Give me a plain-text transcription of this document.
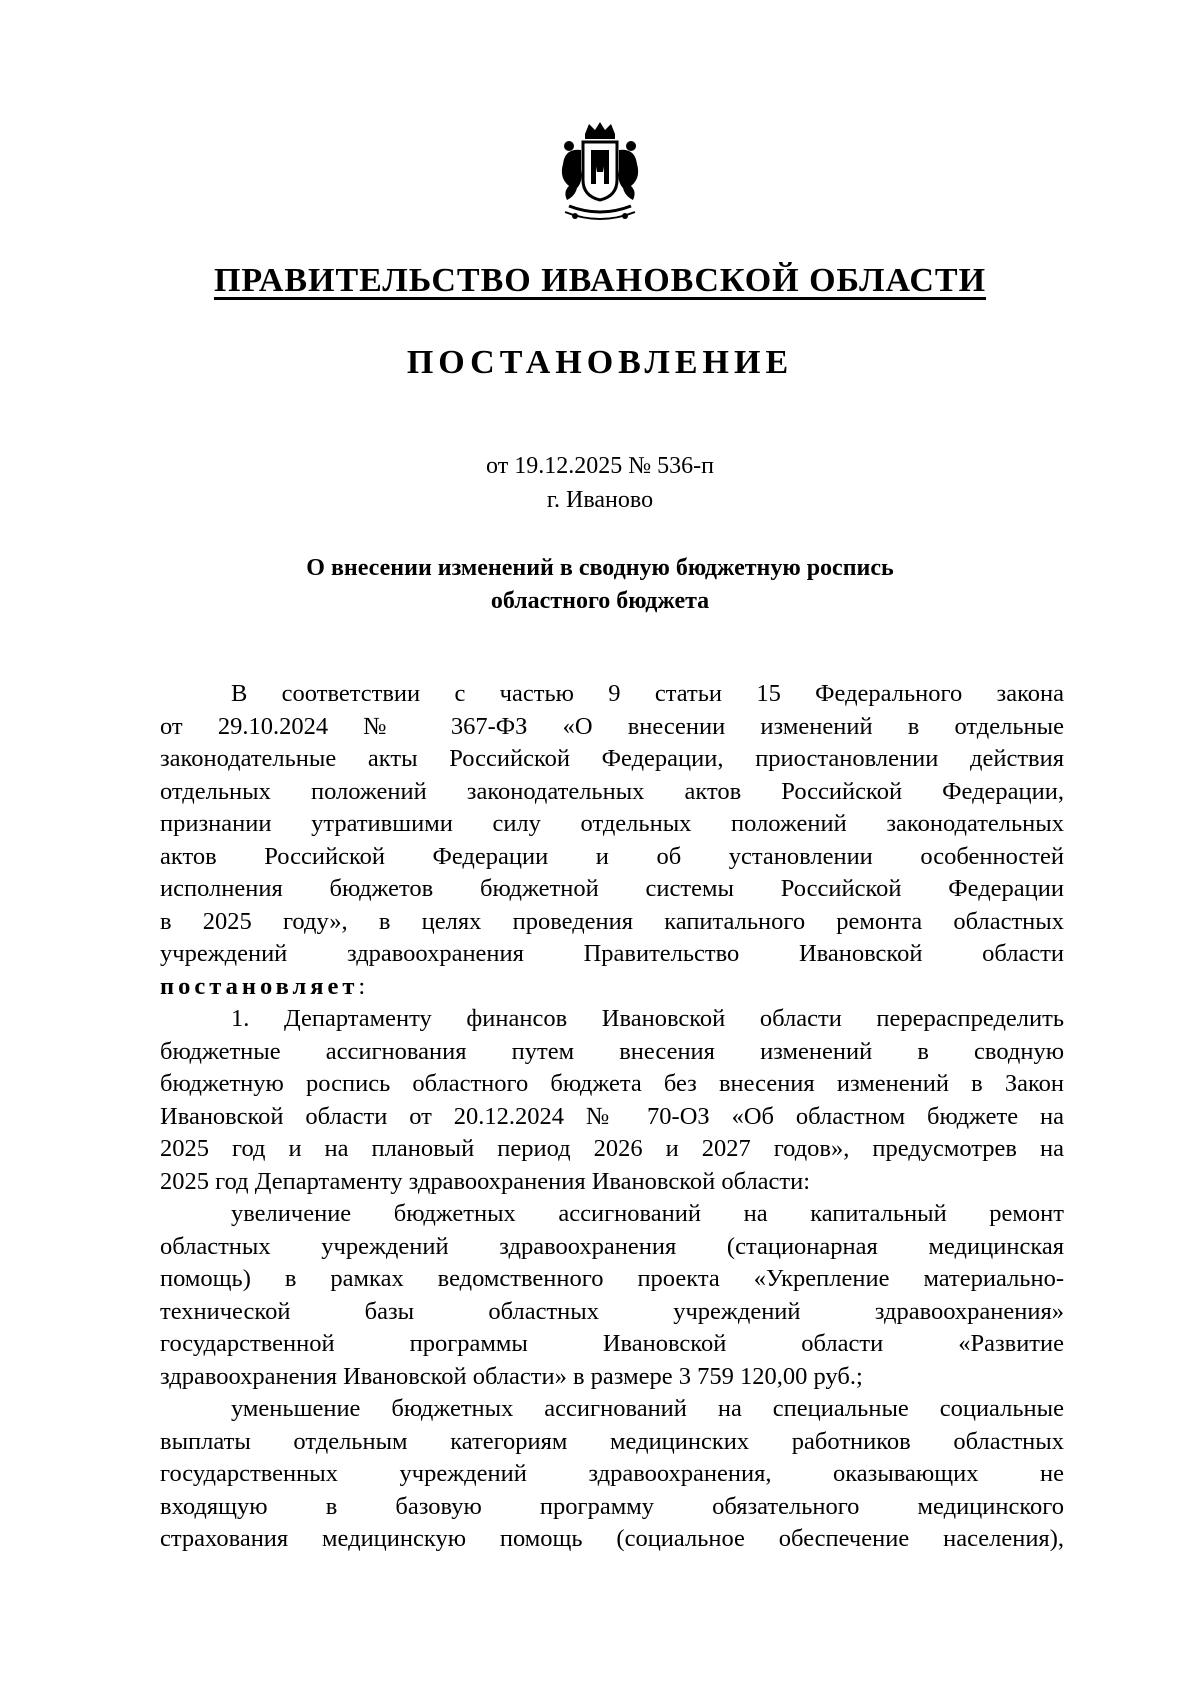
ПРАВИТЕЛЬСТВО ИВАНОВСКОЙ ОБЛАСТИ
ПОСТАНОВЛЕНИЕ
от 19.12.2025 № 536-п
г. Иваново
О внесении изменений в сводную бюджетную роспись
областного бюджета
В соответствии с частью 9 статьи 15 Федерального закона
от 29.10.2024 № 367-ФЗ «О внесении изменений в отдельные
законодательные акты Российской Федерации, приостановлении действия
отдельных положений законодательных актов Российской Федерации,
признании утратившими силу отдельных положений законодательных
актов Российской Федерации и об установлении особенностей
исполнения бюджетов бюджетной системы Российской Федерации
в 2025 году», в целях проведения капитального ремонта областных
учреждений здравоохранения Правительство Ивановской области
постановляет:
1. Департаменту финансов Ивановской области перераспределить
бюджетные ассигнования путем внесения изменений в сводную
бюджетную роспись областного бюджета без внесения изменений в Закон
Ивановской области от 20.12.2024 № 70-ОЗ «Об областном бюджете на
2025 год и на плановый период 2026 и 2027 годов», предусмотрев на
2025 год Департаменту здравоохранения Ивановской области:
увеличение бюджетных ассигнований на капитальный ремонт
областных учреждений здравоохранения (стационарная медицинская
помощь) в рамках ведомственного проекта «Укрепление материально-
технической базы областных учреждений здравоохранения»
государственной программы Ивановской области «Развитие
здравоохранения Ивановской области» в размере 3 759 120,00 руб.;
уменьшение бюджетных ассигнований на специальные социальные
выплаты отдельным категориям медицинских работников областных
государственных учреждений здравоохранения, оказывающих не
входящую в базовую программу обязательного медицинского
страхования медицинскую помощь (социальное обеспечение населения),
